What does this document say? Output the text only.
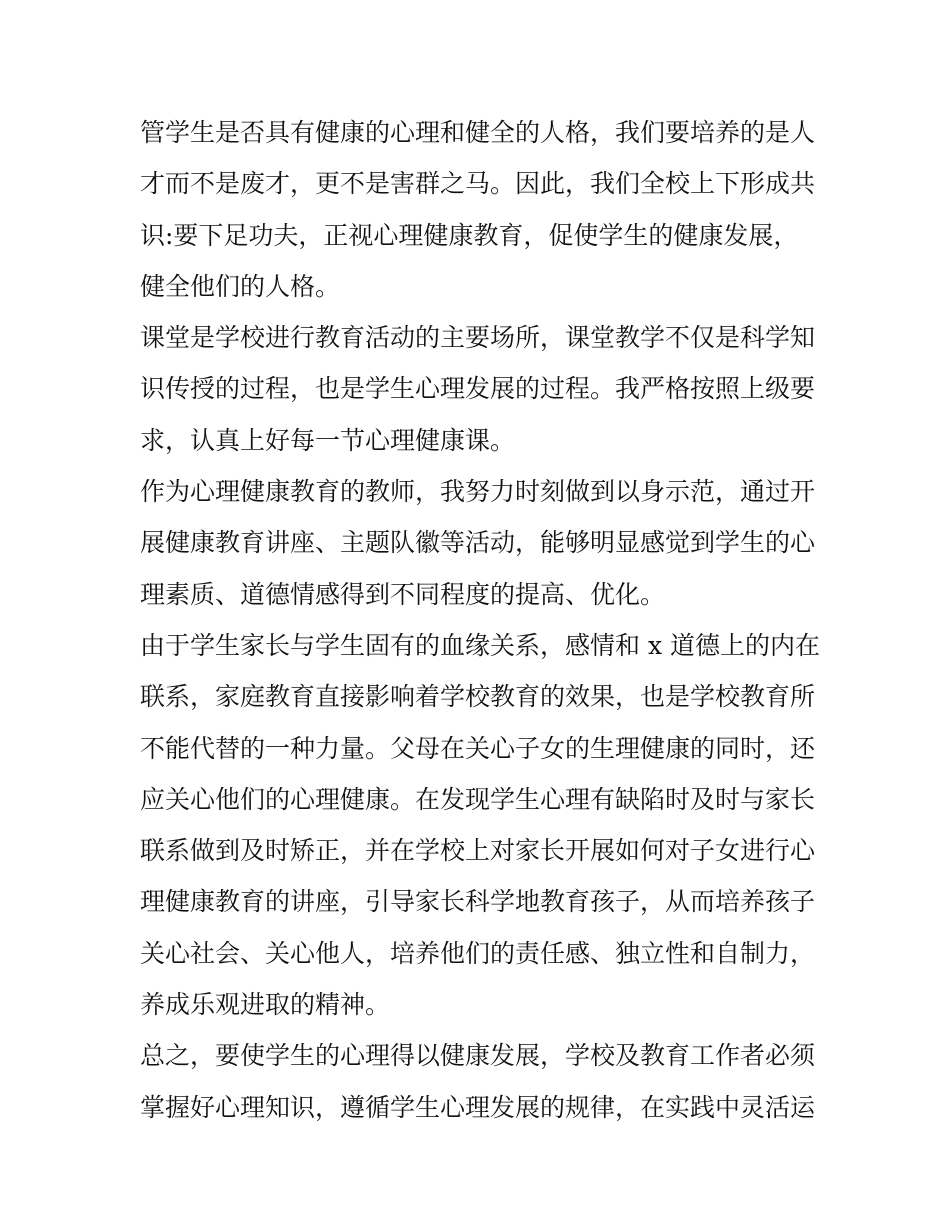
管学生是否具有健康的心理和健全的人格，我们要培养的是人
才而不是废才，更不是害群之马。因此，我们全校上下形成共
识:要下足功夫，正视心理健康教育，促使学生的健康发展，
健全他们的人格。
课堂是学校进行教育活动的主要场所，课堂教学不仅是科学知
识传授的过程，也是学生心理发展的过程。我严格按照上级要
求，认真上好每一节心理健康课。
作为心理健康教育的教师，我努力时刻做到以身示范，通过开
展健康教育讲座、主题队徽等活动，能够明显感觉到学生的心
理素质、道德情感得到不同程度的提高、优化。
由于学生家长与学生固有的血缘关系，感情和 x 道德上的内在
联系，家庭教育直接影响着学校教育的效果，也是学校教育所
不能代替的一种力量。父母在关心子女的生理健康的同时，还
应关心他们的心理健康。在发现学生心理有缺陷时及时与家长
联系做到及时矫正，并在学校上对家长开展如何对子女进行心
理健康教育的讲座，引导家长科学地教育孩子，从而培养孩子
关心社会、关心他人，培养他们的责任感、独立性和自制力，
养成乐观进取的精神。
总之，要使学生的心理得以健康发展，学校及教育工作者必须
掌握好心理知识，遵循学生心理发展的规律，在实践中灵活运
